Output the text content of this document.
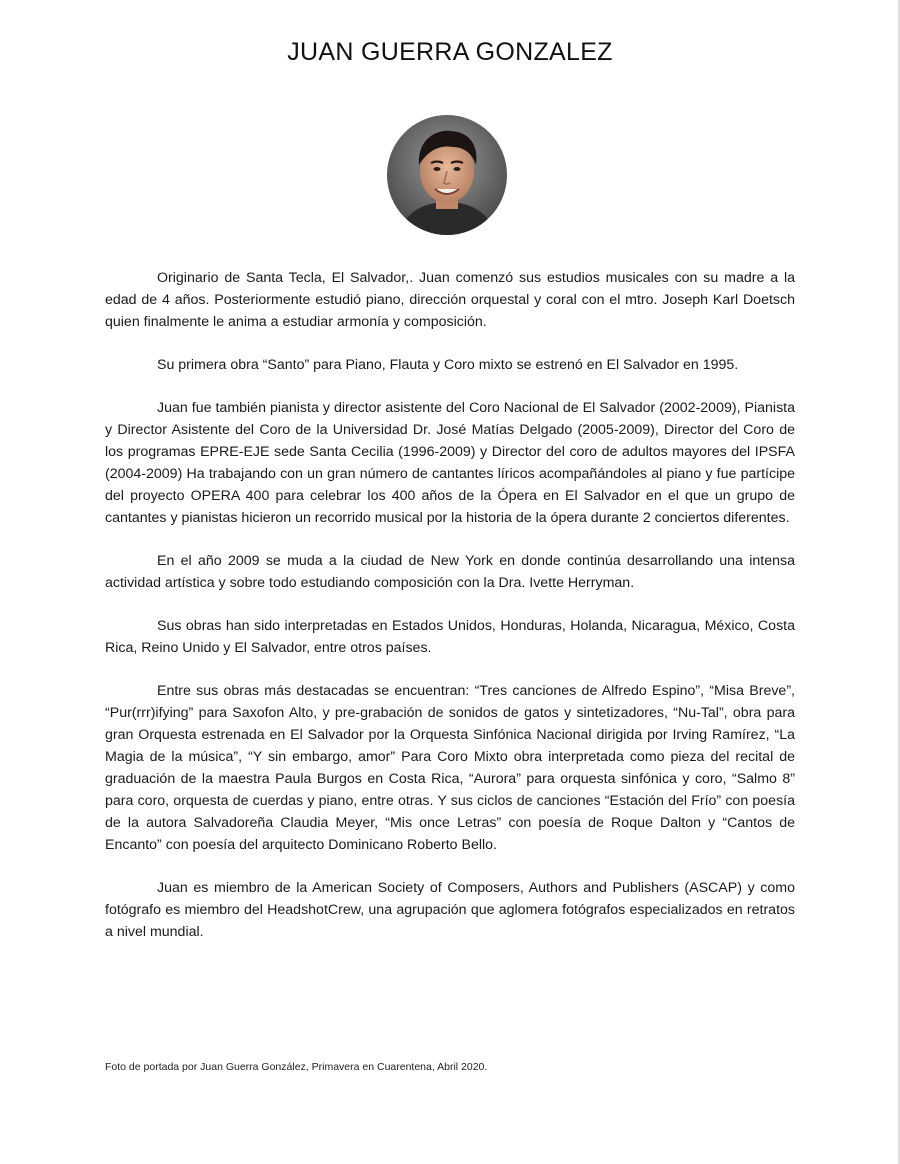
JUAN GUERRA GONZALEZ

Originario de Santa Tecla, El Salvador,. Juan comenzó sus estudios musicales con su madre a la edad de 4 años. Posteriormente estudió piano, dirección orquestal y coral con el mtro. Joseph Karl Doetsch quien finalmente le anima a estudiar armonía y composición.

Su primera obra “Santo” para Piano, Flauta y Coro mixto se estrenó en El Salvador en 1995.

Juan fue también pianista y director asistente del Coro Nacional de El Salvador (2002-2009), Pianista y Director Asistente del Coro de la Universidad Dr. José Matías Delgado (2005-2009), Director del Coro de los programas EPRE-EJE sede Santa Cecilia (1996-2009) y Director del coro de adultos mayores del IPSFA (2004-2009) Ha trabajando con un gran número de cantantes líricos acompañándoles al piano y fue partícipe del proyecto OPERA 400 para celebrar los 400 años de la Ópera en El Salvador en el que un grupo de cantantes y pianistas hicieron un recorrido musical por la historia de la ópera durante 2 conciertos diferentes.

En el año 2009 se muda a la ciudad de New York en donde continúa desarrollando una intensa actividad artística y sobre todo estudiando composición con la Dra. Ivette Herryman.

Sus obras han sido interpretadas en Estados Unidos, Honduras, Holanda, Nicaragua, México, Costa Rica, Reino Unido y El Salvador, entre otros países.

Entre sus obras más destacadas se encuentran: “Tres canciones de Alfredo Espino”, “Misa Breve”, “Pur(rrr)ifying” para Saxofon Alto, y pre-grabación de sonidos de gatos y sintetizadores, “Nu-Tal”, obra para gran Orquesta estrenada en El Salvador por la Orquesta Sinfónica Nacional dirigida por Irving Ramírez, “La Magia de la música”, “Y sin embargo, amor” Para Coro Mixto obra interpretada como pieza del recital de graduación de la maestra Paula Burgos en Costa Rica, “Aurora” para orquesta sinfónica y coro, “Salmo 8” para coro, orquesta de cuerdas y piano, entre otras. Y sus ciclos de canciones “Estación del Frío” con poesía de la autora Salvadoreña Claudia Meyer, “Mis once Letras” con poesía de Roque Dalton y “Cantos de Encanto” con poesía del arquitecto Dominicano Roberto Bello.

Juan es miembro de la American Society of Composers, Authors and Publishers (ASCAP) y como fotógrafo es miembro del HeadshotCrew, una agrupación que aglomera fotógrafos especializados en retratos a nivel mundial.

Foto de portada por Juan Guerra González, Primavera en Cuarentena, Abril 2020.
